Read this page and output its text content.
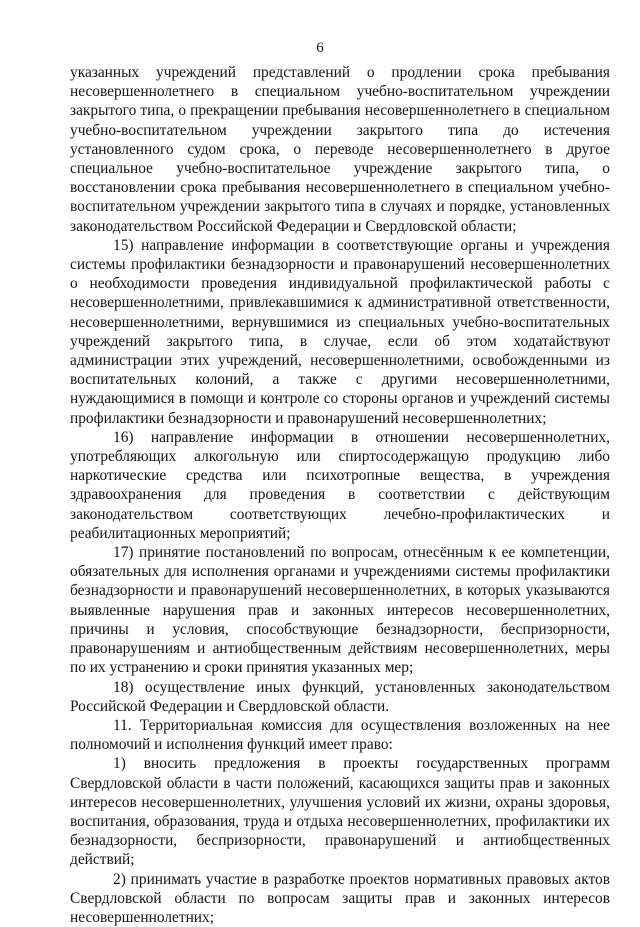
6

указанных учреждений представлений о продлении срока пребывания несовершеннолетнего в специальном учебно-воспитательном учреждении закрытого типа, о прекращении пребывания несовершеннолетнего в специальном учебно-воспитательном учреждении закрытого типа до истечения установленного судом срока, о переводе несовершеннолетнего в другое специальное учебно-воспитательное учреждение закрытого типа, о восстановлении срока пребывания несовершеннолетнего в специальном учебно-воспитательном учреждении закрытого типа в случаях и порядке, установленных законодательством Российской Федерации и Свердловской области;

15) направление информации в соответствующие органы и учреждения системы профилактики безнадзорности и правонарушений несовершеннолетних о необходимости проведения индивидуальной профилактической работы с несовершеннолетними, привлекавшимися к административной ответственности, несовершеннолетними, вернувшимися из специальных учебно-воспитательных учреждений закрытого типа, в случае, если об этом ходатайствуют администрации этих учреждений, несовершеннолетними, освобожденными из воспитательных колоний, а также с другими несовершеннолетними, нуждающимися в помощи и контроле со стороны органов и учреждений системы профилактики безнадзорности и правонарушений несовершеннолетних;

16) направление информации в отношении несовершеннолетних, употребляющих алкогольную или спиртосодержащую продукцию либо наркотические средства или психотропные вещества, в учреждения здравоохранения для проведения в соответствии с действующим законодательством соответствующих лечебно-профилактических и реабилитационных мероприятий;

17) принятие постановлений по вопросам, отнесённым к ее компетенции, обязательных для исполнения органами и учреждениями системы профилактики безнадзорности и правонарушений несовершеннолетних, в которых указываются выявленные нарушения прав и законных интересов несовершеннолетних, причины и условия, способствующие безнадзорности, беспризорности, правонарушениям и антиобщественным действиям несовершеннолетних, меры по их устранению и сроки принятия указанных мер;

18) осуществление иных функций, установленных законодательством Российской Федерации и Свердловской области.

11. Территориальная комиссия для осуществления возложенных на нее полномочий и исполнения функций имеет право:

1) вносить предложения в проекты государственных программ Свердловской области в части положений, касающихся защиты прав и законных интересов несовершеннолетних, улучшения условий их жизни, охраны здоровья, воспитания, образования, труда и отдыха несовершеннолетних, профилактики их безнадзорности, беспризорности, правонарушений и антиобщественных действий;

2) принимать участие в разработке проектов нормативных правовых актов Свердловской области по вопросам защиты прав и законных интересов несовершеннолетних;
